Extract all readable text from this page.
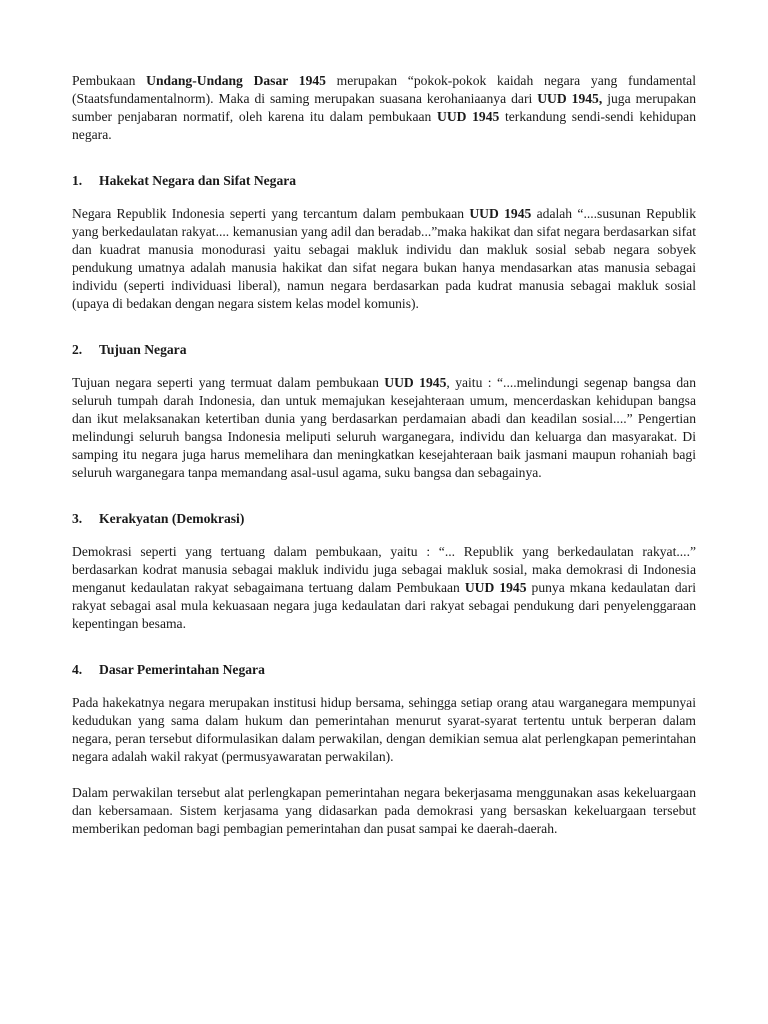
Pembukaan Undang-Undang Dasar 1945 merupakan “pokok-pokok kaidah negara yang fundamental (Staatsfundamentalnorm). Maka di saming merupakan suasana kerohaniaanya dari UUD 1945, juga merupakan sumber penjabaran normatif, oleh karena itu dalam pembukaan UUD 1945 terkandung sendi-sendi kehidupan negara.

1. Hakekat Negara dan Sifat Negara

Negara Republik Indonesia seperti yang tercantum dalam pembukaan UUD 1945 adalah “....susunan Republik yang berkedaulatan rakyat.... kemanusian yang adil dan beradab...”maka hakikat dan sifat negara berdasarkan sifat dan kuadrat manusia monodurasi yaitu sebagai makluk individu dan makluk sosial sebab negara sobyek pendukung umatnya adalah manusia hakikat dan sifat negara bukan hanya mendasarkan atas manusia sebagai individu (seperti individuasi liberal), namun negara berdasarkan pada kudrat manusia sebagai makluk sosial (upaya di bedakan dengan negara sistem kelas model komunis).

2. Tujuan Negara

Tujuan negara seperti yang termuat dalam pembukaan UUD 1945, yaitu : “....melindungi segenap bangsa dan seluruh tumpah darah Indonesia, dan untuk memajukan kesejahteraan umum, mencerdaskan kehidupan bangsa dan ikut melaksanakan ketertiban dunia yang berdasarkan perdamaian abadi dan keadilan sosial....” Pengertian melindungi seluruh bangsa Indonesia meliputi seluruh warganegara, individu dan keluarga dan masyarakat. Di samping itu negara juga harus memelihara dan meningkatkan kesejahteraan baik jasmani maupun rohaniah bagi seluruh warganegara tanpa memandang asal-usul agama, suku bangsa dan sebagainya.

3. Kerakyatan (Demokrasi)

Demokrasi seperti yang tertuang dalam pembukaan, yaitu : “... Republik yang berkedaulatan rakyat....” berdasarkan kodrat manusia sebagai makluk individu juga sebagai makluk sosial, maka demokrasi di Indonesia menganut kedaulatan rakyat sebagaimana tertuang dalam Pembukaan UUD 1945 punya mkana kedaulatan dari rakyat sebagai asal mula kekuasaan negara juga kedaulatan dari rakyat sebagai pendukung dari penyelenggaraan kepentingan besama.

4. Dasar Pemerintahan Negara

Pada hakekatnya negara merupakan institusi hidup bersama, sehingga setiap orang atau warganegara mempunyai kedudukan yang sama dalam hukum dan pemerintahan menurut syarat-syarat tertentu untuk berperan dalam negara, peran tersebut diformulasikan dalam perwakilan, dengan demikian semua alat perlengkapan pemerintahan negara adalah wakil rakyat (permusyawaratan perwakilan).

Dalam perwakilan tersebut alat perlengkapan pemerintahan negara bekerjasama menggunakan asas kekeluargaan dan kebersamaan. Sistem kerjasama yang didasarkan pada demokrasi yang bersaskan kekeluargaan tersebut memberikan pedoman bagi pembagian pemerintahan dan pusat sampai ke daerah-daerah.
